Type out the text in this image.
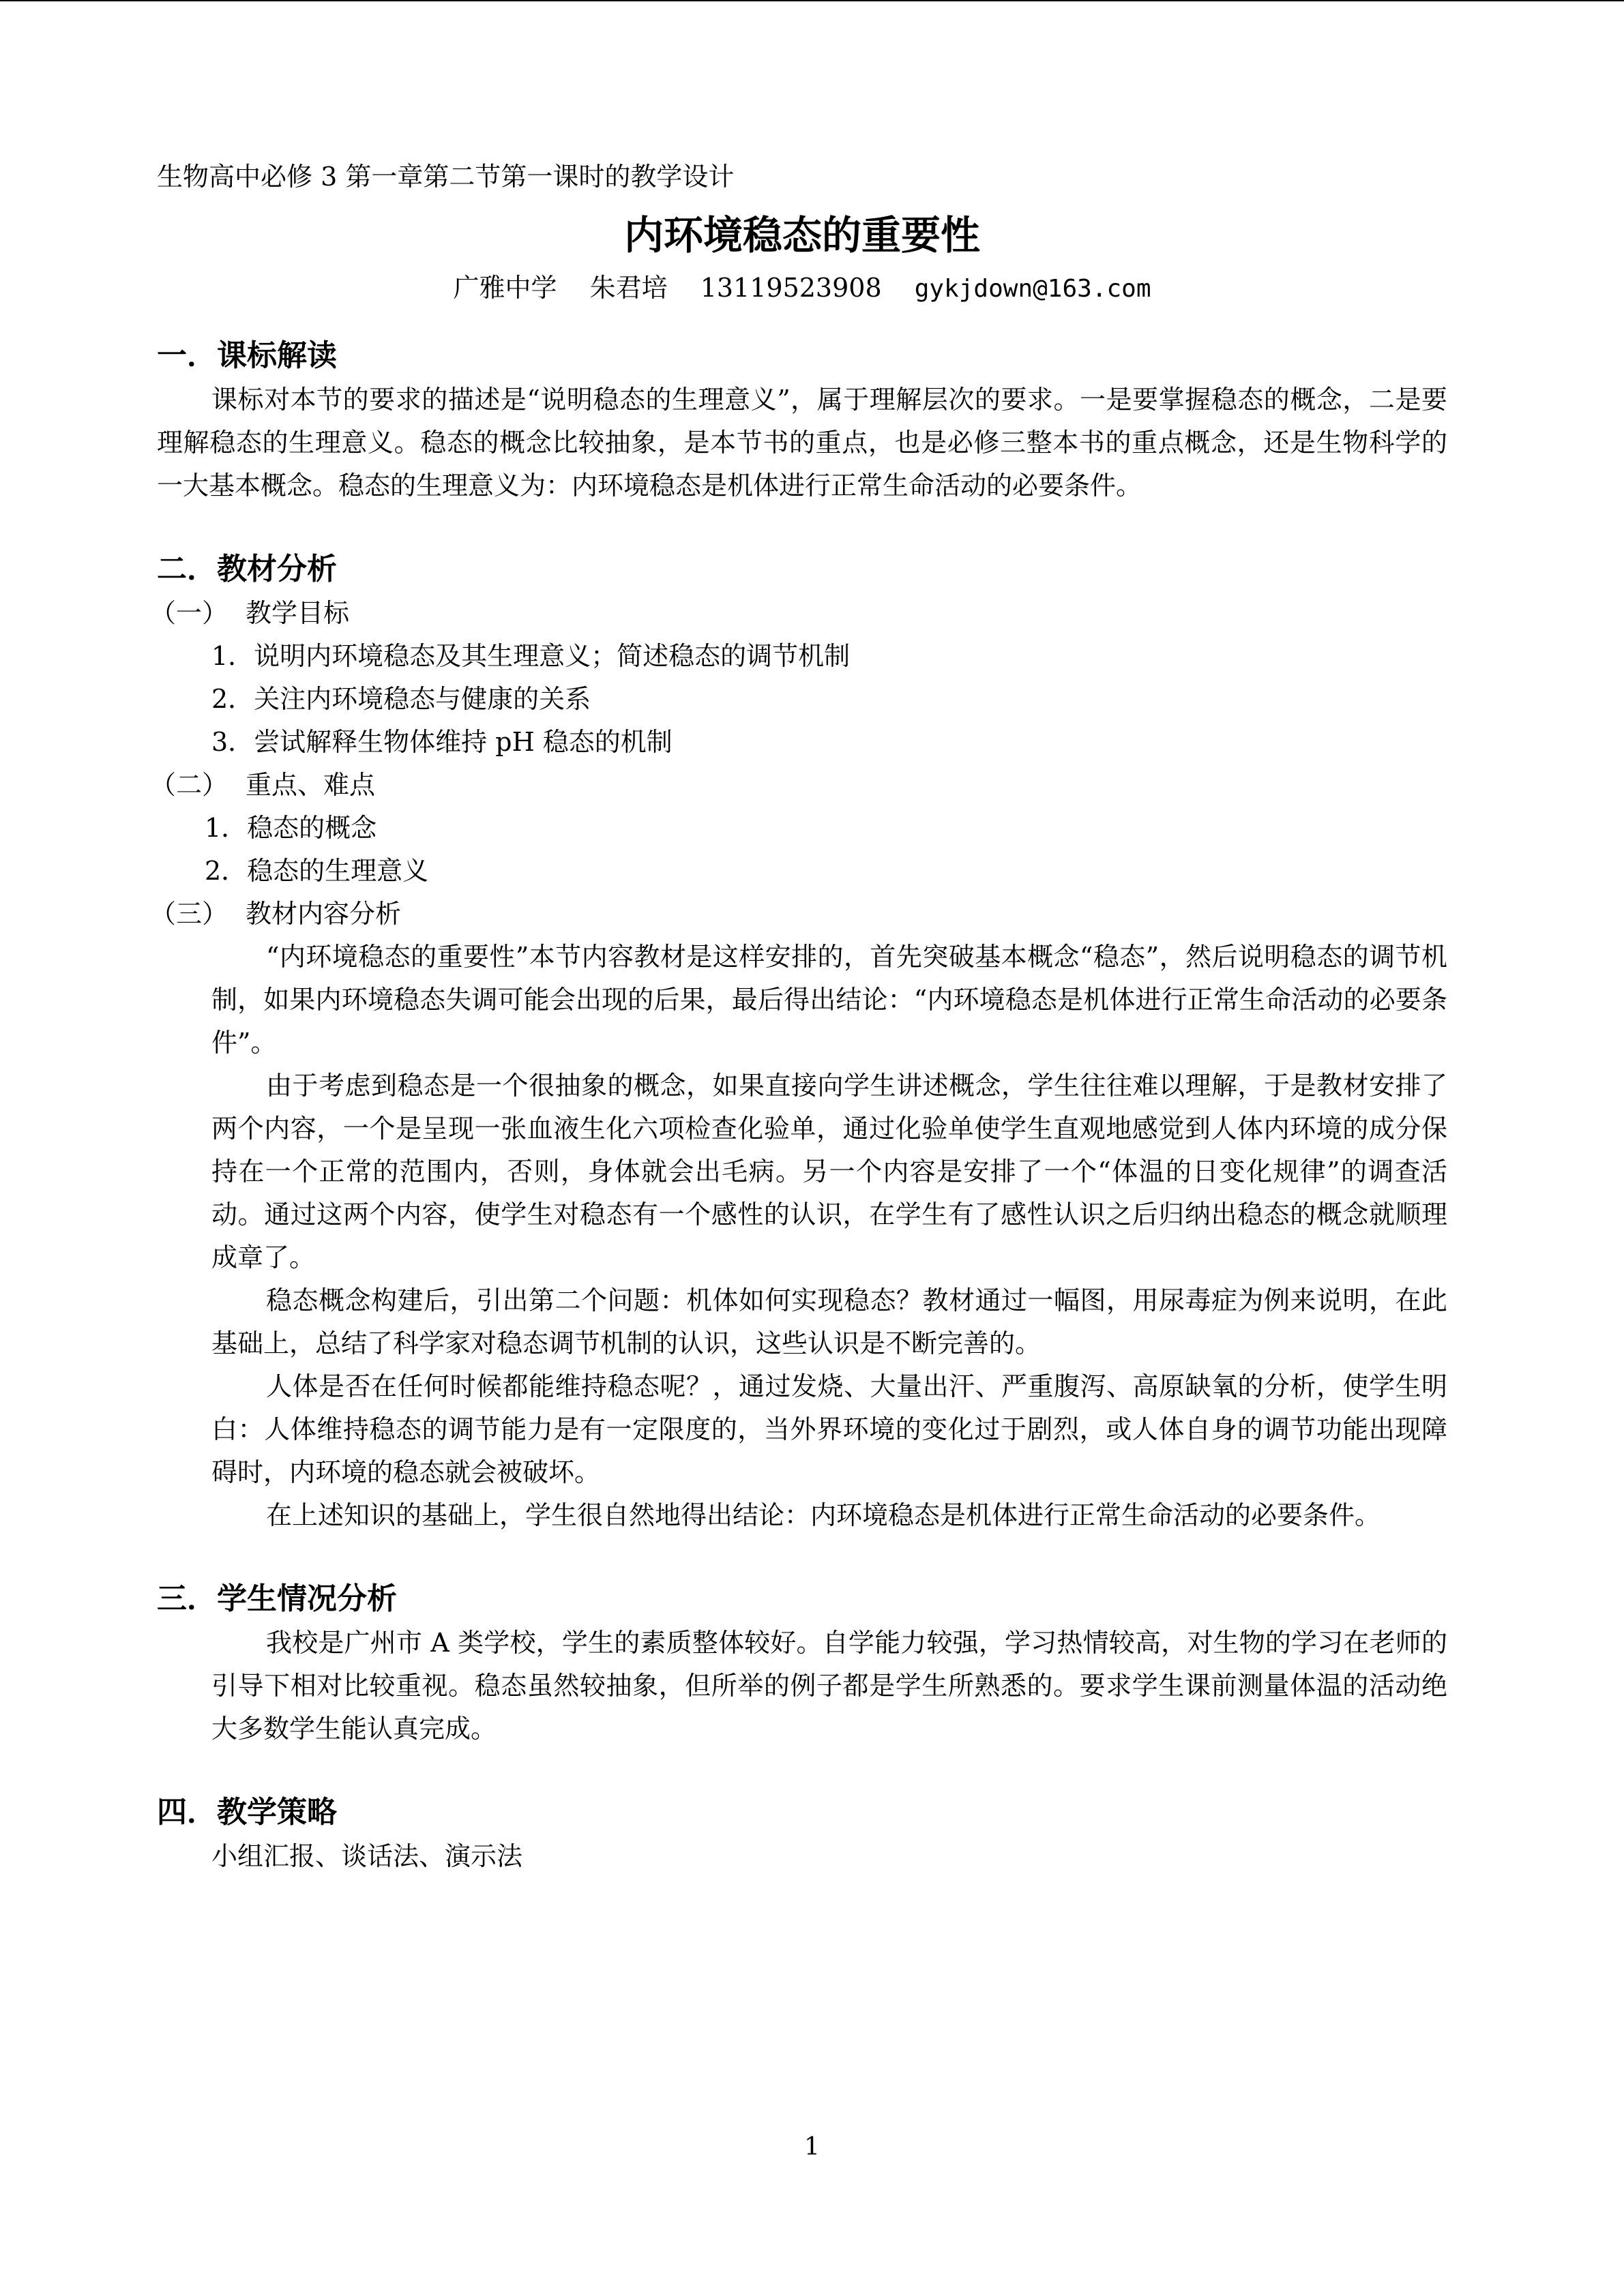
生物高中必修 3 第一章第二节第一课时的教学设计

内环境稳态的重要性

广雅中学 朱君培 13119523908 gykjdown@163.com

一．课标解读

课标对本节的要求的描述是“说明稳态的生理意义”，属于理解层次的要求。一是要掌握稳态的概念，二是要理解稳态的生理意义。稳态的概念比较抽象，是本节书的重点，也是必修三整本书的重点概念，还是生物科学的一大基本概念。稳态的生理意义为：内环境稳态是机体进行正常生命活动的必要条件。

二．教材分析

（一） 教学目标

1．说明内环境稳态及其生理意义；简述稳态的调节机制

2．关注内环境稳态与健康的关系

3．尝试解释生物体维持 pH 稳态的机制

（二） 重点、难点

1．稳态的概念

2．稳态的生理意义

（三） 教材内容分析

“内环境稳态的重要性”本节内容教材是这样安排的，首先突破基本概念“稳态”，然后说明稳态的调节机制，如果内环境稳态失调可能会出现的后果，最后得出结论：“内环境稳态是机体进行正常生命活动的必要条件”。

由于考虑到稳态是一个很抽象的概念，如果直接向学生讲述概念，学生往往难以理解，于是教材安排了两个内容，一个是呈现一张血液生化六项检查化验单，通过化验单使学生直观地感觉到人体内环境的成分保持在一个正常的范围内，否则，身体就会出毛病。另一个内容是安排了一个“体温的日变化规律”的调查活动。通过这两个内容，使学生对稳态有一个感性的认识，在学生有了感性认识之后归纳出稳态的概念就顺理成章了。

稳态概念构建后，引出第二个问题：机体如何实现稳态？教材通过一幅图，用尿毒症为例来说明，在此基础上，总结了科学家对稳态调节机制的认识，这些认识是不断完善的。

人体是否在任何时候都能维持稳态呢？，通过发烧、大量出汗、严重腹泻、高原缺氧的分析，使学生明白：人体维持稳态的调节能力是有一定限度的，当外界环境的变化过于剧烈，或人体自身的调节功能出现障碍时，内环境的稳态就会被破坏。

在上述知识的基础上，学生很自然地得出结论：内环境稳态是机体进行正常生命活动的必要条件。

三．学生情况分析

我校是广州市 A 类学校，学生的素质整体较好。自学能力较强，学习热情较高，对生物的学习在老师的引导下相对比较重视。稳态虽然较抽象，但所举的例子都是学生所熟悉的。要求学生课前测量体温的活动绝大多数学生能认真完成。

四．教学策略

小组汇报、谈话法、演示法

1
